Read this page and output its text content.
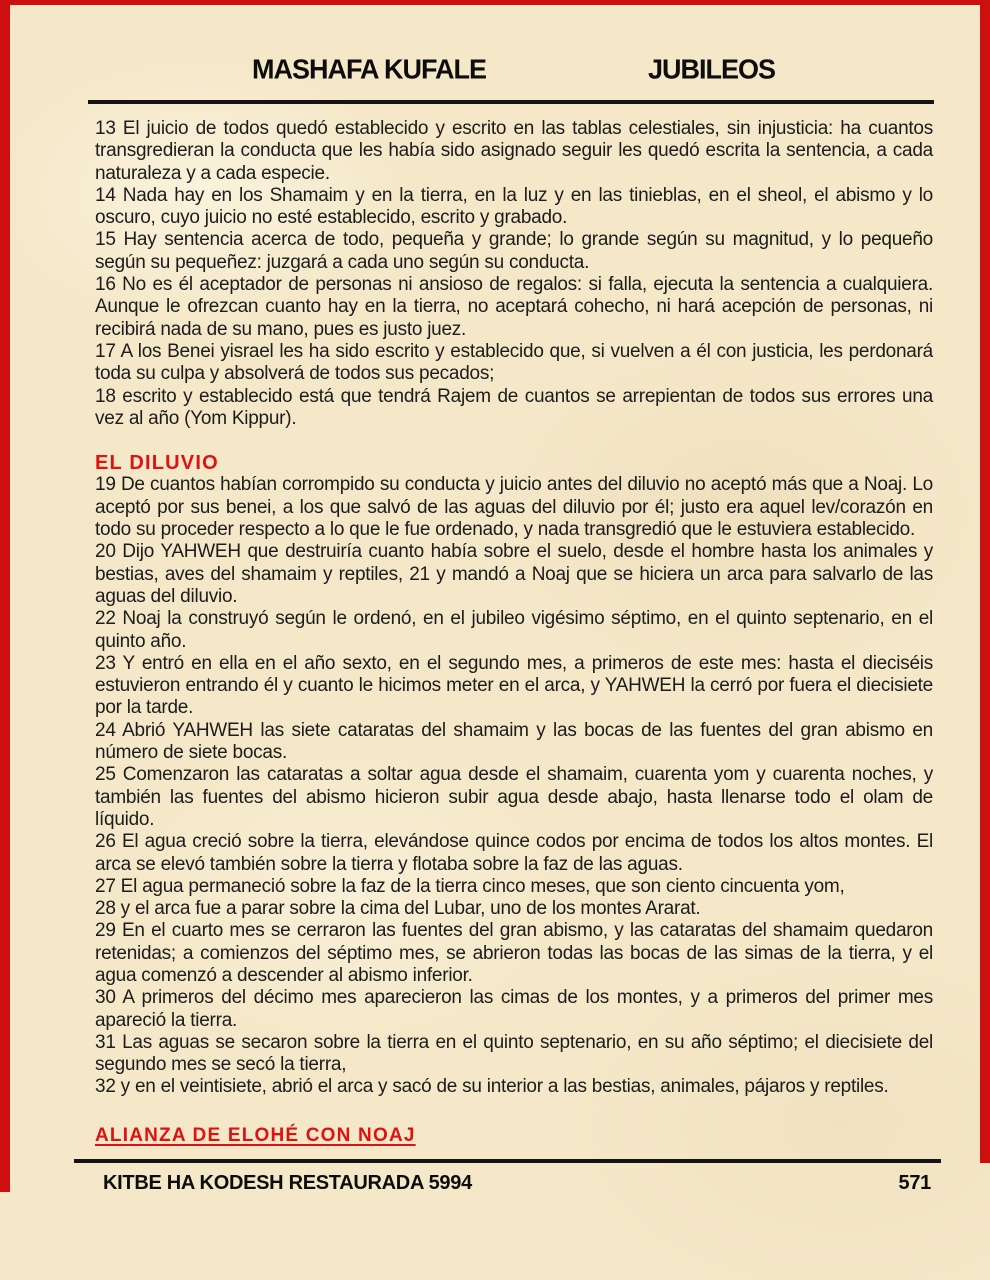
MASHAFA KUFALE	JUBILEOS

13 El juicio de todos quedó establecido y escrito en las tablas celestiales, sin injusticia: ha cuantos transgredieran la conducta que les había sido asignado seguir les quedó escrita la sentencia, a cada naturaleza y a cada especie.

14 Nada hay en los Shamaim y en la tierra, en la luz y en las tinieblas, en el sheol, el abismo y lo oscuro, cuyo juicio no esté establecido, escrito y grabado.

15 Hay sentencia acerca de todo, pequeña y grande; lo grande según su magnitud, y lo pequeño según su pequeñez: juzgará a cada uno según su conducta.

16 No es él aceptador de personas ni ansioso de regalos: si falla, ejecuta la sentencia a cualquiera. Aunque le ofrezcan cuanto hay en la tierra, no aceptará cohecho, ni hará acepción de personas, ni recibirá nada de su mano, pues es justo juez.

17 A los Benei yisrael les ha sido escrito y establecido que, si vuelven a él con justicia, les perdonará toda su culpa y absolverá de todos sus pecados;

18 escrito y establecido está que tendrá Rajem de cuantos se arrepientan de todos sus errores una vez al año (Yom Kippur).

EL DILUVIO

19 De cuantos habían corrompido su conducta y juicio antes del diluvio no aceptó más que a Noaj. Lo aceptó por sus benei, a los que salvó de las aguas del diluvio por él; justo era aquel lev/corazón en todo su proceder respecto a lo que le fue ordenado, y nada transgredió que le estuviera establecido.

20 Dijo YAHWEH que destruiría cuanto había sobre el suelo, desde el hombre hasta los animales y bestias, aves del shamaim y reptiles, 21 y mandó a Noaj que se hiciera un arca para salvarlo de las aguas del diluvio.

22 Noaj la construyó según le ordenó, en el jubileo vigésimo séptimo, en el quinto septenario, en el quinto año.

23 Y entró en ella en el año sexto, en el segundo mes, a primeros de este mes: hasta el dieciséis estuvieron entrando él y cuanto le hicimos meter en el arca, y YAHWEH la cerró por fuera el diecisiete por la tarde.

24 Abrió YAHWEH las siete cataratas del shamaim y las bocas de las fuentes del gran abismo en número de siete bocas.

25 Comenzaron las cataratas a soltar agua desde el shamaim, cuarenta yom y cuarenta noches, y también las fuentes del abismo hicieron subir agua desde abajo, hasta llenarse todo el olam de líquido.

26 El agua creció sobre la tierra, elevándose quince codos por encima de todos los altos montes. El arca se elevó también sobre la tierra y flotaba sobre la faz de las aguas.

27 El agua permaneció sobre la faz de la tierra cinco meses, que son ciento cincuenta yom,

28 y el arca fue a parar sobre la cima del Lubar, uno de los montes Ararat.

29 En el cuarto mes se cerraron las fuentes del gran abismo, y las cataratas del shamaim quedaron retenidas; a comienzos del séptimo mes, se abrieron todas las bocas de las simas de la tierra, y el agua comenzó a descender al abismo inferior.

30 A primeros del décimo mes aparecieron las cimas de los montes, y a primeros del primer mes apareció la tierra.

31 Las aguas se secaron sobre la tierra en el quinto septenario, en su año séptimo; el diecisiete del segundo mes se secó la tierra,

32 y en el veintisiete, abrió el arca y sacó de su interior a las bestias, animales, pájaros y reptiles.

ALIANZA DE ELOHÉ CON NOAJ
KITBE HA KODESH RESTAURADA 5994	571
